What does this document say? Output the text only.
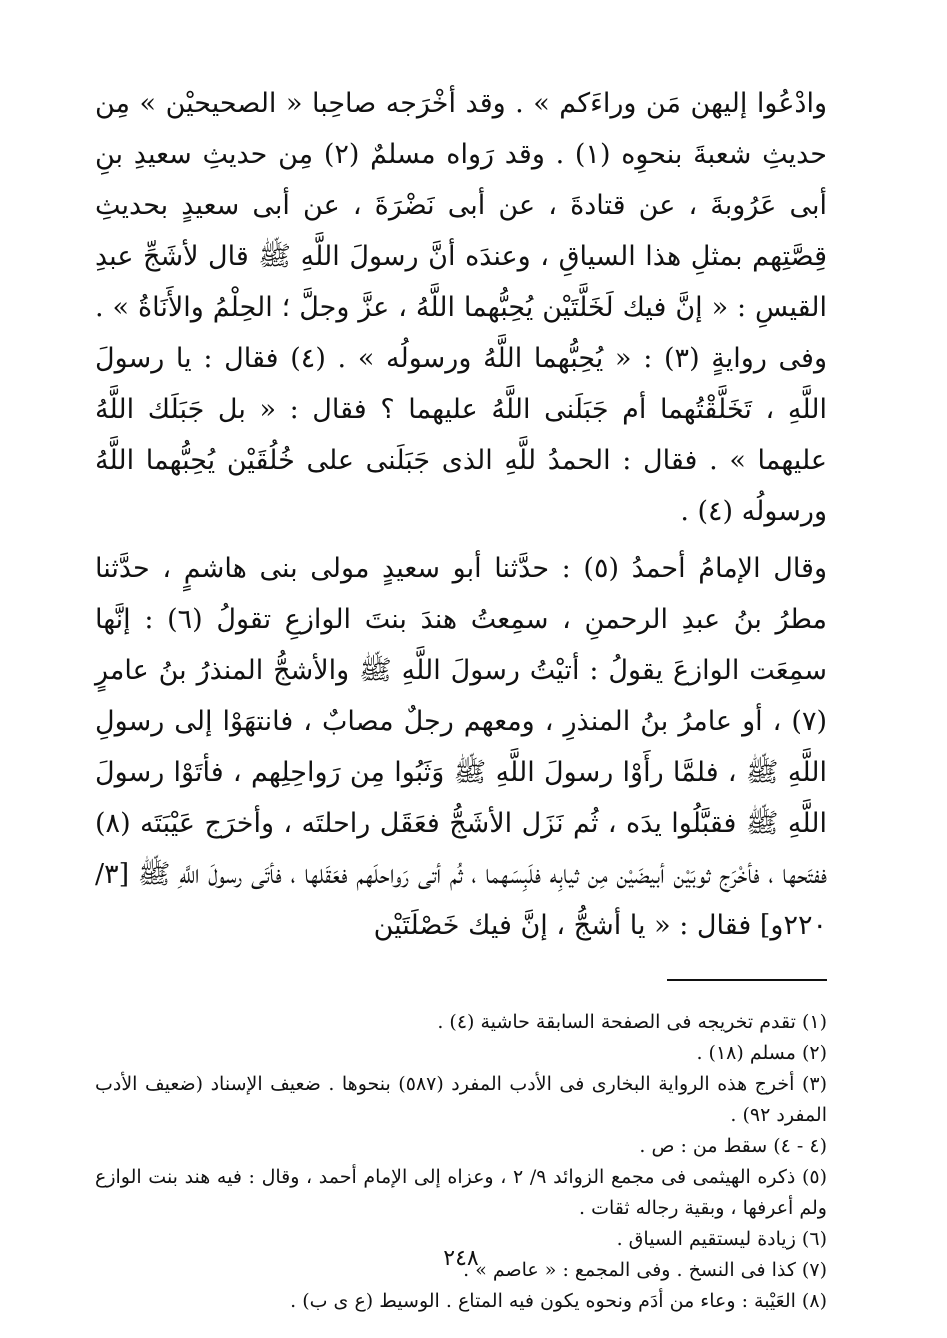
وادْعُوا إليهن مَن وراءَكم » . وقد أخْرَجه صاحِبا « الصحيحيْن » مِن حديثِ شعبةَ بنحوِه (١) . وقد رَواه مسلمٌ (٢) مِن حديثِ سعيدِ بنِ أبى عَرُوبةَ ، عن قتادةَ ، عن أبى نَضْرَةَ ، عن أبى سعيدٍ بحديثِ قِصَّتِهم بمثلِ هذا السياقِ ، وعندَه أنَّ رسولَ اللَّهِ ﷺ قال لأشَجِّ عبدِ القيسِ : « إنَّ فيك لَخَلَّتَيْن يُحِبُّهما اللَّهُ ، عزَّ وجلَّ ؛ الحِلْمُ والأَنَاةُ » . وفى روايةٍ (٣) : « يُحِبُّهما اللَّهُ ورسولُه » . (٤) فقال : يا رسولَ اللَّهِ ، تَخَلَّقْتُهما أم جَبَلَنى اللَّهُ عليهما ؟ فقال : « بل جَبَلَك اللَّهُ عليهما » . فقال : الحمدُ للَّهِ الذى جَبَلَنى على خُلُقَيْن يُحِبُّهما اللَّهُ ورسولُه (٤) .

وقال الإمامُ أحمدُ (٥) : حدَّثنا أبو سعيدٍ مولى بنى هاشمٍ ، حدَّثنا مطرُ بنُ عبدِ الرحمنِ ، سمِعتُ هندَ بنتَ الوازعِ تقولُ (٦) : إنَّها سمِعَت الوازعَ يقولُ : أتيْتُ رسولَ اللَّهِ ﷺ والأشجُّ المنذرُ بنُ عامرٍ (٧) ، أو عامرُ بنُ المنذرِ ، ومعهم رجلٌ مصابٌ ، فانتهَوْا إلى رسولِ اللَّهِ ﷺ ، فلمَّا رأَوْا رسولَ اللَّهِ ﷺ وَثَبُوا مِن رَواحِلِهم ، فأتَوْا رسولَ اللَّهِ ﷺ فقبَّلُوا يدَه ، ثُم نَزَل الأشَجُّ فعَقَل راحلتَه ، وأخرَج عَيْبَتَه (٨) ففتَحها ، فأخْرَج ثوبَيْن أبيضَيْن مِن ثيابِه فلَبِسَهما ، ثُم أتى رَواحلَهم فعَقَلها ، فأتَى رسولَ اللَّهِ ﷺ [٣/ ٢٢٠و] فقال : « يا أشجُّ ، إنَّ فيك خَصْلَتَيْن

(١) تقدم تخريجه فى الصفحة السابقة حاشية (٤) .
(٢) مسلم (١٨) .
(٣) أخرج هذه الرواية البخارى فى الأدب المفرد (٥٨٧) بنحوها . ضعيف الإسناد (ضعيف الأدب المفرد ٩٢) .
(٤ - ٤) سقط من : ص .
(٥) ذكره الهيثمى فى مجمع الزوائد ٩/ ٢ ، وعزاه إلى الإمام أحمد ، وقال : فيه هند بنت الوازع ولم أعرفها ، وبقية رجاله ثقات .
(٦) زيادة ليستقيم السياق .
(٧) كذا فى النسخ . وفى المجمع : « عاصم » .
(٨) العَيْبة : وعاء من أدَم ونحوه يكون فيه المتاع . الوسيط (ع ى ب) .
٢٤٨
